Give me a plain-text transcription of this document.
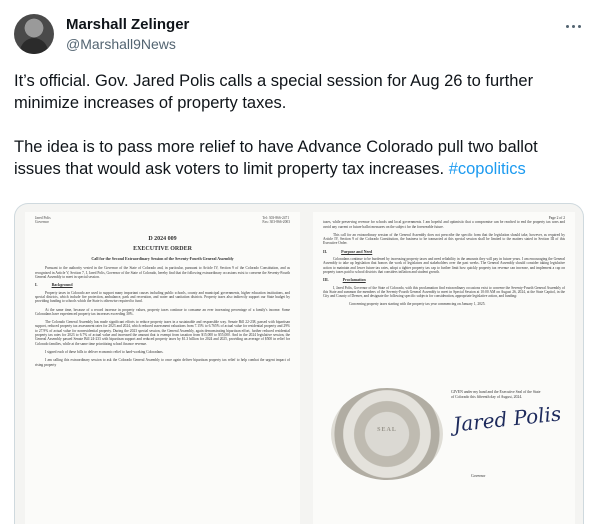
Marshall Zelinger
@Marshall9News

It’s official. Gov. Jared Polis calls a special session for Aug 26 to further minimize increases of property taxes.

The idea is to pass more relief to have Advance Colorado pull two ballot issues that would ask voters to limit property tax increases. #copolitics

Jared Polis
Governor
Tel: 303-866-2471
Fax: 303-866-2003
D 2024 009
EXECUTIVE ORDER
Call for the Second Extraordinary Session of the Seventy-Fourth General Assembly
Pursuant to the authority vested in the Governor of the State of Colorado and, in particular, pursuant to Article IV, Section 9 of the Colorado Constitution, and as recognized in Article V, Section 7, I, Jared Polis, Governor of the State of Colorado, hereby find that the following extraordinary occasions exist to convene the Seventy-Fourth General Assembly to meet in special session.
I.	Background
Property taxes in Colorado are used to support many important causes including public schools, county and municipal governments, higher education institutions, and special districts, which include fire protection, ambulance, park and recreation, and water and sanitation districts. Property taxes also indirectly support our State budget by providing funding to schools which the State is otherwise required to fund.
At the same time, because of a record increase in property values, property taxes continue to consume an ever increasing percentage of a family's income. Some Coloradans have experienced property tax increases exceeding 30%.
The Colorado General Assembly has made significant efforts to reduce property taxes in a sustainable and responsible way. Senate Bill 22-238, passed with bipartisan support, reduced property tax assessment rates for 2023 and 2024, which reduced assessment valuations from 7.15% to 6.765% of actual value for residential property and 29% to 27.9% of actual value for nonresidential property. During the 2023 special session, the General Assembly, again demonstrating bipartisan effort, further reduced residential property tax rates for 2023 to 6.7% of actual value and increased the amount that is exempt from taxation from $15,000 to $55,000. And in the 2024 legislative session, the General Assembly passed Senate Bill 24-233 with bipartisan support and reduced property taxes by $1.3 billion for 2024 and 2025, providing an average of $500 in relief for Colorado families, while at the same time prioritizing school finance revenue.
I signed each of these bills to deliver economic relief to hard-working Coloradans.
I am calling this extraordinary session to ask the Colorado General Assembly to once again deliver bipartisan property tax relief to help combat the urgent impact of rising property
Page 2 of 2
taxes, while preserving revenue for schools and local governments. I am hopeful and optimistic that a compromise can be reached to end the property tax wars and avoid any current or future ballot measures on the subject for the foreseeable future.
This call for an extraordinary session of the General Assembly does not prescribe the specific form that the legislation should take, however, as required by Article IV, Section 9 of the Colorado Constitution, the business to be transacted at this special session shall be limited to the matters stated in Section III of this Executive Order.
II.	Purpose and Need
Coloradans continue to be burdened by increasing property taxes and need reliability in the amounts they will pay in future years. I am encouraging the General Assembly to take up legislation that honors the work of legislators and stakeholders over the past weeks. The General Assembly should consider taking legislative action to maintain and lower future tax rates, adopt a tighter property tax cap to further limit how quickly property tax revenue can increase, and implement a cap on property taxes paid to school districts that considers inflation and student growth.
III.	Proclamation
I, Jared Polis, Governor of the State of Colorado, with this proclamation find extraordinary occasions exist to convene the Seventy-Fourth General Assembly of this State and summon the members of the Seventy-Fourth General Assembly to meet in Special Session at 10:00 AM on August 26, 2024, at the State Capitol, in the City and County of Denver, and designate the following specific subjects for consideration, appropriate legislative action, and funding:
Concerning property taxes starting with the property tax year commencing on January 1, 2025.
SEAL
GIVEN under my hand and the Executive Seal of the State of Colorado this fifteenth day of August, 2024.
Jared Polis
Governor
